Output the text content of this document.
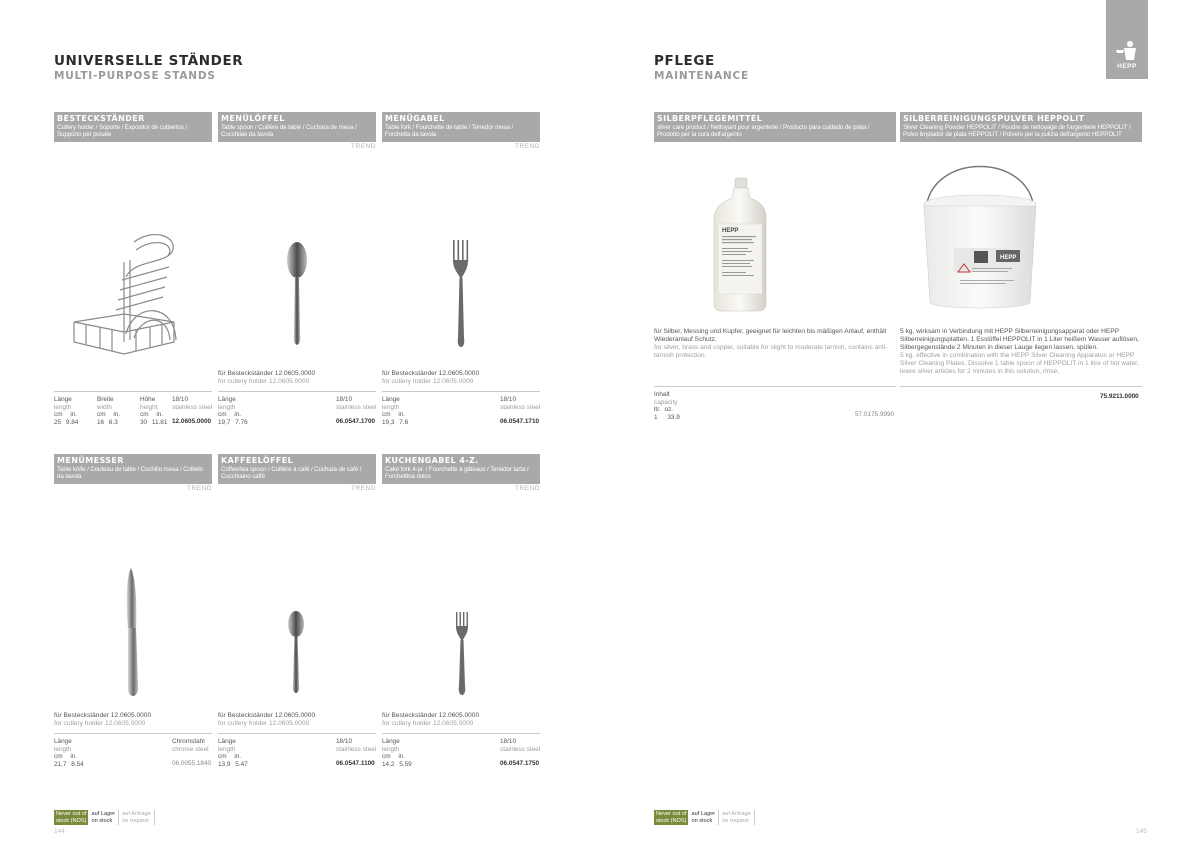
UNIVERSELLE STÄNDER
MULTI-PURPOSE STANDS
BESTECKSTÄNDER
Cutlery holder / Soporte / Expositor de cubiertos / Supporto per posate
MENÜLÖFFEL
Table spoon / Cuillère de table / Cuchara de mesa / Cucchiaio da tavola
TREND
MENÜGABEL
Table fork / Fourchette de table / Tenedor mesa / Forchetta da tavola
TREND
für Besteckständer 12.0605.0000
for cutlery holder 12.0605.0000
für Besteckständer 12.0605.0000
for cutlery holder 12.0605.0000
Länge
length
Breite
width
Höhe
height
18/10
stainless steel
cm in.
25 9.84
cm in.
16 6.3
cm in.
30 11.81 12.0605.0000
Länge
length
cm in.
19,7 7.76
18/10
stainless steel
06.0547.1700
Länge
length
cm in.
19,3 7.6
18/10
stainless steel
06.0547.1710
MENÜMESSER
Table knife / Couteau de table / Cuchillo mesa / Coltello da tavola
TREND
KAFFEELÖFFEL
Coffee/tea spoon / Cuillère à café / Cuchara de café / Cucchiaino caffè
TREND
KUCHENGABEL 4-Z.
Cake fork 4-pr. / Fourchette à gâteaux / Tenedor tarta / Forchettina dolce
TREND
für Besteckständer 12.0605.0000
for cutlery holder 12.0605.0000
für Besteckständer 12.0605.0000
for cutlery holder 12.0605.0000
für Besteckständer 12.0605.0000
for cutlery holder 12.0605.0000
Länge
length
cm in.
21,7 8.54
Chromstahl
chrome steel
06.0055.1840
Länge
length
cm in.
13,9 5.47
18/10
stainless steel
06.0547.1100
Länge
length
cm in.
14,2 5.59
18/10
stainless steel
06.0547.1750
Never out of
stock (NOS)
auf Lager
on stock
auf Anfrage
on request
144
HEPP
PFLEGE
MAINTENANCE
SILBERPFLEGEMITTEL
silver care product / Nettoyant pour argenterie / Producto para cuidado de plata / Prodotto per la cura dell'argento
SILBERREINIGUNGSPULVER HEPPOLIT
Silver Cleaning Powder HEPPOLIT / Poudre de nettoyage de l'argenterie HEPPOLIT / Polvo limpiador de plata HEPPOLIT / Polvere per la pulizia dell'argento HEPPOLIT
HEPP
HEPP
für Silber, Messing und Kupfer, geeignet für leichten bis mäßigen Anlauf, enthält Wiederanlauf Schutz.
for silver, brass and copper, suitable for slight to moderate tarnish, contains anti-tarnish protection.
5 kg, wirksam in Verbindung mit HEPP Silberreinigungsapparat oder HEPP Silberreinigungsplatten. 1 Esslöffel HEPPOLIT in 1 Liter heißem Wasser auflösen, Silbergegenstände 2 Minuten in dieser Lauge liegen lassen, spülen.
5 kg, effective in combination with the HEPP Silver Cleaning Apparatus or HEPP Silver Cleaning Plates. Dissolve 1 table spoon of HEPPOLIT in 1 litre of hot water, leave silver articles for 2 minutes in this solution, rinse.
Inhalt
capacity
ltr. oz.
1 33.9	57.0175.9990
75.9211.0000
Never out of
stock (NOS)
auf Lager
on stock
auf Anfrage
on request
145
